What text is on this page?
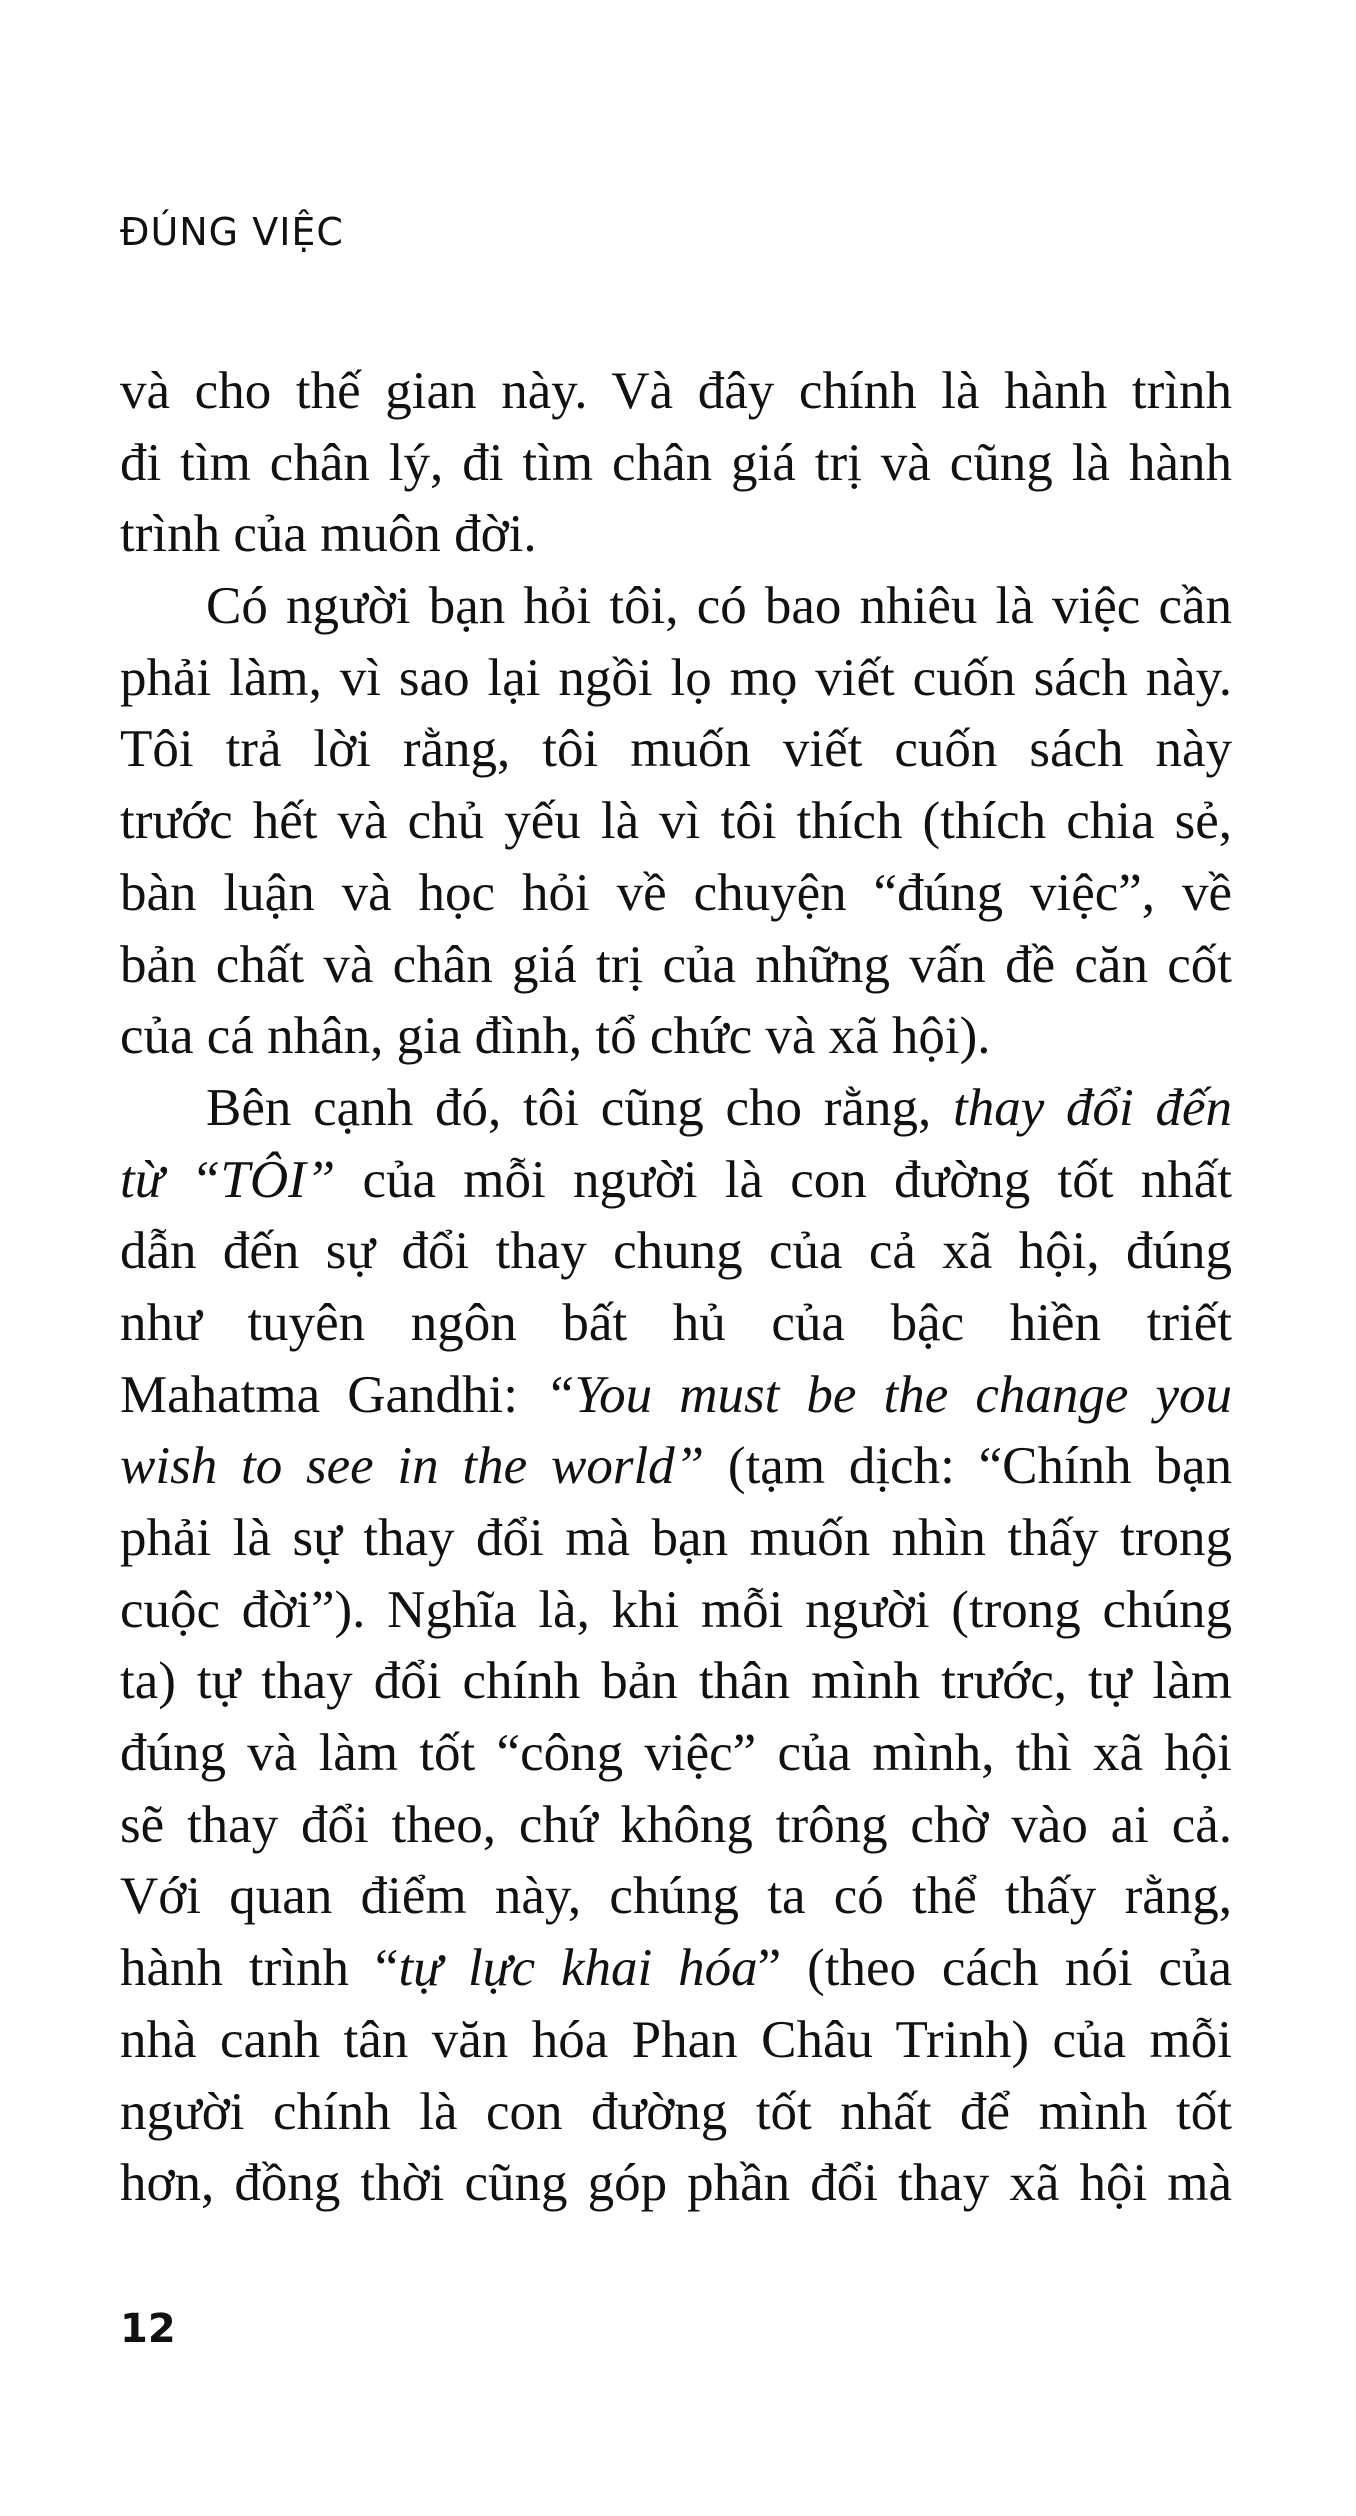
ĐÚNG VIỆC
và cho thế gian này. Và đây chính là hành trình
đi tìm chân lý, đi tìm chân giá trị và cũng là hành
trình của muôn đời.
Có người bạn hỏi tôi, có bao nhiêu là việc cần
phải làm, vì sao lại ngồi lọ mọ viết cuốn sách này.
Tôi trả lời rằng, tôi muốn viết cuốn sách này
trước hết và chủ yếu là vì tôi thích (thích chia sẻ,
bàn luận và học hỏi về chuyện “đúng việc”, về
bản chất và chân giá trị của những vấn đề căn cốt
của cá nhân, gia đình, tổ chức và xã hội).
Bên cạnh đó, tôi cũng cho rằng, thay đổi đến
từ “TÔI” của mỗi người là con đường tốt nhất
dẫn đến sự đổi thay chung của cả xã hội, đúng
như tuyên ngôn bất hủ của bậc hiền triết
Mahatma Gandhi: “You must be the change you
wish to see in the world” (tạm dịch: “Chính bạn
phải là sự thay đổi mà bạn muốn nhìn thấy trong
cuộc đời”). Nghĩa là, khi mỗi người (trong chúng
ta) tự thay đổi chính bản thân mình trước, tự làm
đúng và làm tốt “công việc” của mình, thì xã hội
sẽ thay đổi theo, chứ không trông chờ vào ai cả.
Với quan điểm này, chúng ta có thể thấy rằng,
hành trình “tự lực khai hóa” (theo cách nói của
nhà canh tân văn hóa Phan Châu Trinh) của mỗi
người chính là con đường tốt nhất để mình tốt
hơn, đồng thời cũng góp phần đổi thay xã hội mà
12
